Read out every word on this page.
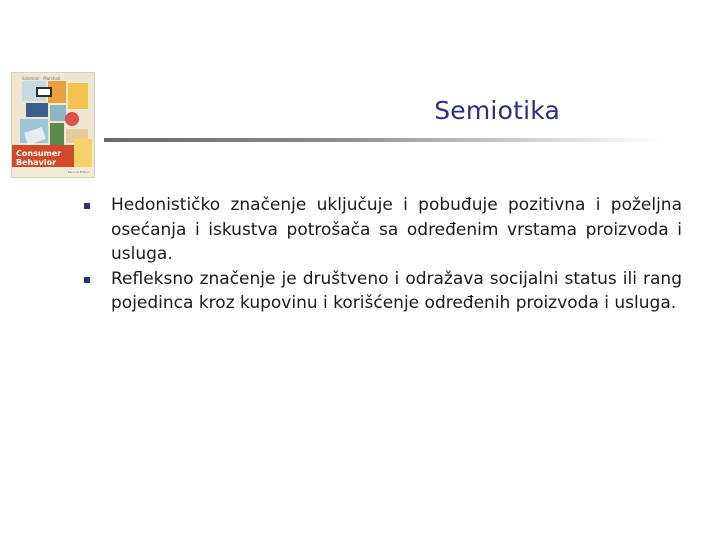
Solomon · Marshall
Consumer
Behavior
Second Edition
Semiotika
Hedonističko značenje uključuje i pobuđuje pozitivna i poželjna osećanja i iskustva potrošača sa određenim vrstama proizvoda i usluga.
Refleksno značenje je društveno i odražava socijalni status ili rang pojedinca kroz kupovinu i korišćenje određenih proizvoda i usluga.
